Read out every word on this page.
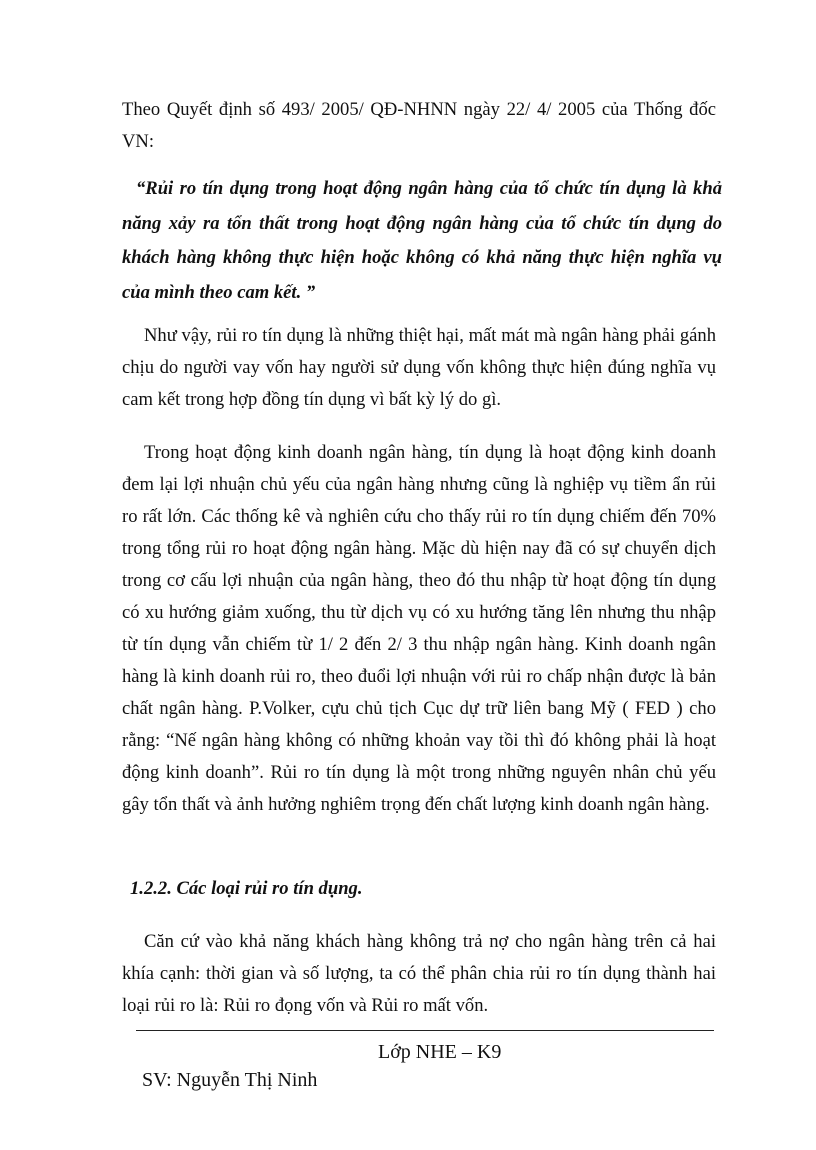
Theo Quyết định số 493/ 2005/ QĐ-NHNN ngày 22/ 4/ 2005 của Thống đốc VN:

“Rủi ro tín dụng trong hoạt động ngân hàng của tổ chức tín dụng là khả năng xảy ra tổn thất trong hoạt động ngân hàng của tổ chức tín dụng do khách hàng không thực hiện hoặc không có khả năng thực hiện nghĩa vụ của mình theo cam kết. ”

Như vậy, rủi ro tín dụng là những thiệt hại, mất mát mà ngân hàng phải gánh chịu do người vay vốn hay người sử dụng vốn không thực hiện đúng nghĩa vụ cam kết trong hợp đồng tín dụng vì bất kỳ lý do gì.

Trong hoạt động kinh doanh ngân hàng, tín dụng là hoạt động kinh doanh đem lại lợi nhuận chủ yếu của ngân hàng nhưng cũng là nghiệp vụ tiềm ẩn rủi ro rất lớn. Các thống kê và nghiên cứu cho thấy rủi ro tín dụng chiếm đến 70% trong tổng rủi ro hoạt động ngân hàng. Mặc dù hiện nay đã có sự chuyển dịch trong cơ cấu lợi nhuận của ngân hàng, theo đó thu nhập từ hoạt động tín dụng có xu hướng giảm xuống, thu từ dịch vụ có xu hướng tăng lên nhưng thu nhập từ tín dụng vẫn chiếm từ 1/ 2 đến 2/ 3 thu nhập ngân hàng. Kinh doanh ngân hàng là kinh doanh rủi ro, theo đuổi lợi nhuận với rủi ro chấp nhận được là bản chất ngân hàng. P.Volker, cựu chủ tịch Cục dự trữ liên bang Mỹ ( FED ) cho rằng: “Nế ngân hàng không có những khoản vay tồi thì đó không phải là hoạt động kinh doanh”. Rủi ro tín dụng là một trong những nguyên nhân chủ yếu gây tổn thất và ảnh hưởng nghiêm trọng đến chất lượng kinh doanh ngân hàng.

1.2.2. Các loại rủi ro tín dụng.

Căn cứ vào khả năng khách hàng không trả nợ cho ngân hàng trên cả hai khía cạnh: thời gian và số lượng, ta có thể phân chia rủi ro tín dụng thành hai loại rủi ro là: Rủi ro đọng vốn và Rủi ro mất vốn.

SV: Nguyễn Thị Ninh

Lớp NHE – K9
